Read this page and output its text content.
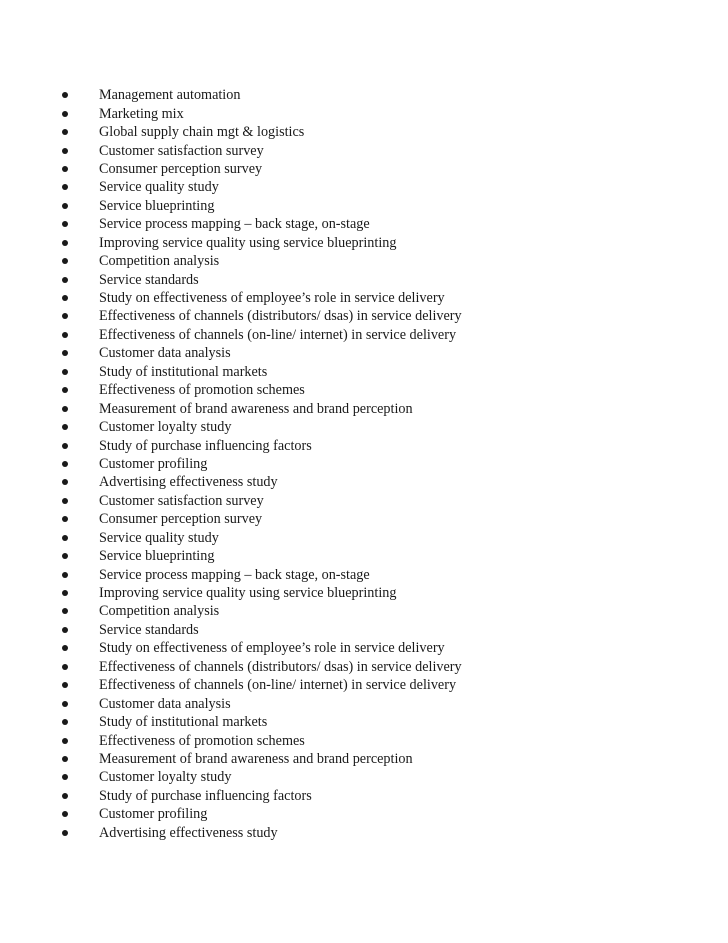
Management automation
Marketing mix
Global supply chain mgt & logistics
Customer satisfaction survey
Consumer perception survey
Service quality study
Service blueprinting
Service process mapping – back stage, on-stage
Improving service quality using service blueprinting
Competition analysis
Service standards
Study on effectiveness of employee’s role in service delivery
Effectiveness of channels (distributors/ dsas) in service delivery
Effectiveness of channels (on-line/ internet) in service delivery
Customer data analysis
Study of institutional markets
Effectiveness of promotion schemes
Measurement of brand awareness and brand perception
Customer loyalty study
Study of purchase influencing factors
Customer profiling
Advertising effectiveness study
Customer satisfaction survey
Consumer perception survey
Service quality study
Service blueprinting
Service process mapping – back stage, on-stage
Improving service quality using service blueprinting
Competition analysis
Service standards
Study on effectiveness of employee’s role in service delivery
Effectiveness of channels (distributors/ dsas) in service delivery
Effectiveness of channels (on-line/ internet) in service delivery
Customer data analysis
Study of institutional markets
Effectiveness of promotion schemes
Measurement of brand awareness and brand perception
Customer loyalty study
Study of purchase influencing factors
Customer profiling
Advertising effectiveness study
